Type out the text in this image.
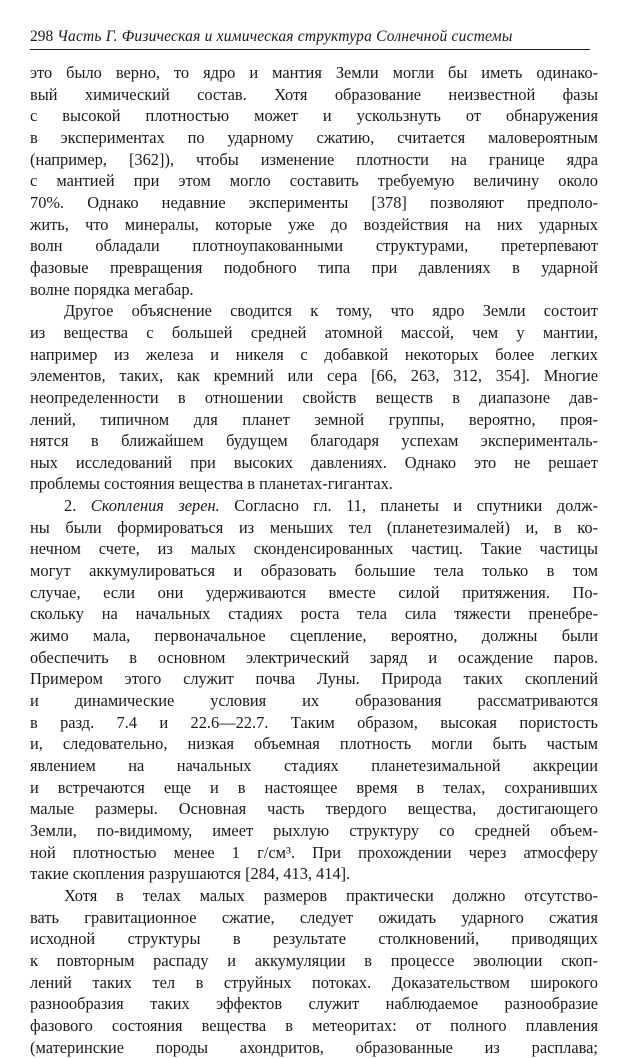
298 Часть Г. Физическая и химическая структура Солнечной системы
это было верно, то ядро и мантия Земли могли бы иметь одинако-
вый химический состав. Хотя образование неизвестной фазы
с высокой плотностью может и ускользнуть от обнаружения
в экспериментах по ударному сжатию, считается маловероятным
(например, [362]), чтобы изменение плотности на границе ядра
с мантией при этом могло составить требуемую величину около
70%. Однако недавние эксперименты [378] позволяют предполо-
жить, что минералы, которые уже до воздействия на них ударных
волн обладали плотноупакованными структурами, претерпевают
фазовые превращения подобного типа при давлениях в ударной
волне порядка мегабар.
Другое объяснение сводится к тому, что ядро Земли состоит
из вещества с большей средней атомной массой, чем у мантии,
например из железа и никеля с добавкой некоторых более легких
элементов, таких, как кремний или сера [66, 263, 312, 354]. Многие
неопределенности в отношении свойств веществ в диапазоне дав-
лений, типичном для планет земной группы, вероятно, проя-
нятся в ближайшем будущем благодаря успехам эксперименталь-
ных исследований при высоких давлениях. Однако это не решает
проблемы состояния вещества в планетах-гигантах.
2. Скопления зерен. Согласно гл. 11, планеты и спутники долж-
ны были формироваться из меньших тел (планетезималей) и, в ко-
нечном счете, из малых сконденсированных частиц. Такие частицы
могут аккумулироваться и образовать большие тела только в том
случае, если они удерживаются вместе силой притяжения. По-
скольку на начальных стадиях роста тела сила тяжести пренебре-
жимо мала, первоначальное сцепление, вероятно, должны были
обеспечить в основном электрический заряд и осаждение паров.
Примером этого служит почва Луны. Природа таких скоплений
и динамические условия их образования рассматриваются
в разд. 7.4 и 22.6—22.7. Таким образом, высокая пористость
и, следовательно, низкая объемная плотность могли быть частым
явлением на начальных стадиях планетезимальной аккреции
и встречаются еще и в настоящее время в телах, сохранивших
малые размеры. Основная часть твердого вещества, достигающего
Земли, по-видимому, имеет рыхлую структуру со средней объем-
ной плотностью менее 1 г/см³. При прохождении через атмосферу
такие скопления разрушаются [284, 413, 414].
Хотя в телах малых размеров практически должно отсутство-
вать гравитационное сжатие, следует ожидать ударного сжатия
исходной структуры в результате столкновений, приводящих
к повторным распаду и аккумуляции в процессе эволюции скоп-
лений таких тел в струйных потоках. Доказательством широкого
разнообразия таких эффектов служит наблюдаемое разнообразие
фазового состояния вещества в метеоритах: от полного плавления
(материнские породы ахондритов, образованные из расплава;
